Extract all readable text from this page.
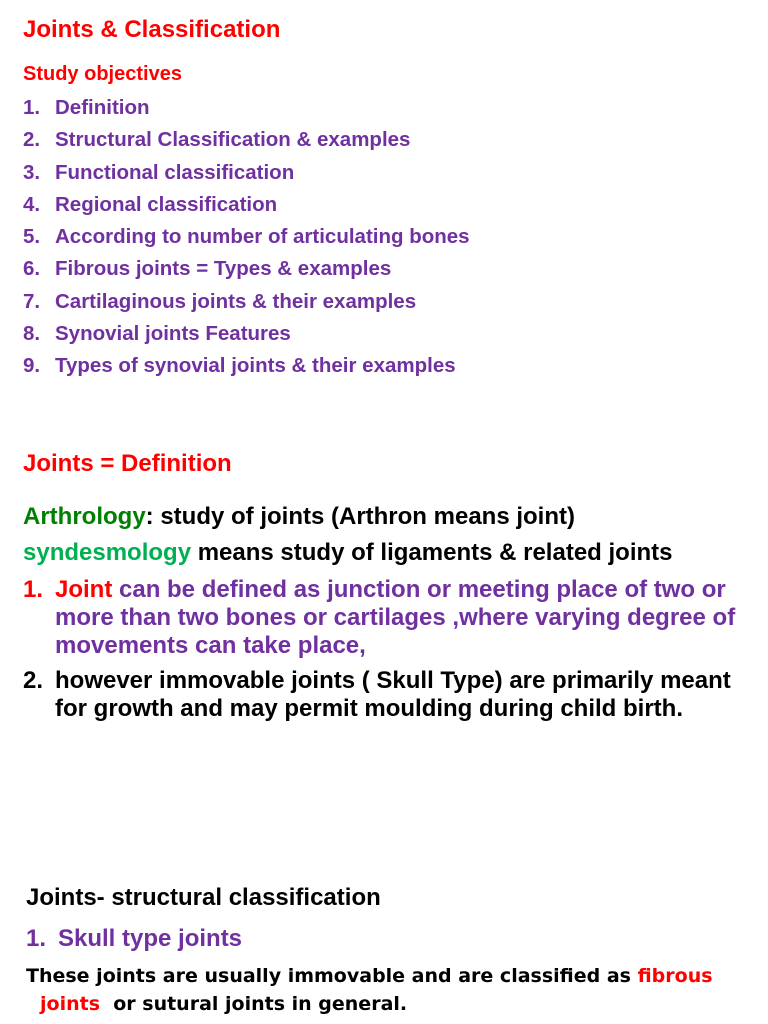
Joints & Classification
Study objectives
1. Definition
2. Structural Classification & examples
3. Functional classification
4. Regional classification
5. According to number of articulating bones
6. Fibrous joints = Types & examples
7. Cartilaginous joints & their examples
8. Synovial joints Features
9. Types of synovial joints & their examples
Joints = Definition
Arthrology: study of joints (Arthron means joint)
syndesmology means study of ligaments & related joints
1. Joint can be defined as junction or meeting place of two or more than two bones or cartilages ,where varying degree of movements can take place,
2. however immovable joints ( Skull Type) are primarily meant for growth and may permit moulding during child birth.
Joints- structural classification
1. Skull type joints
These joints are usually immovable and are classified as fibrous
joints  or sutural joints in general.
